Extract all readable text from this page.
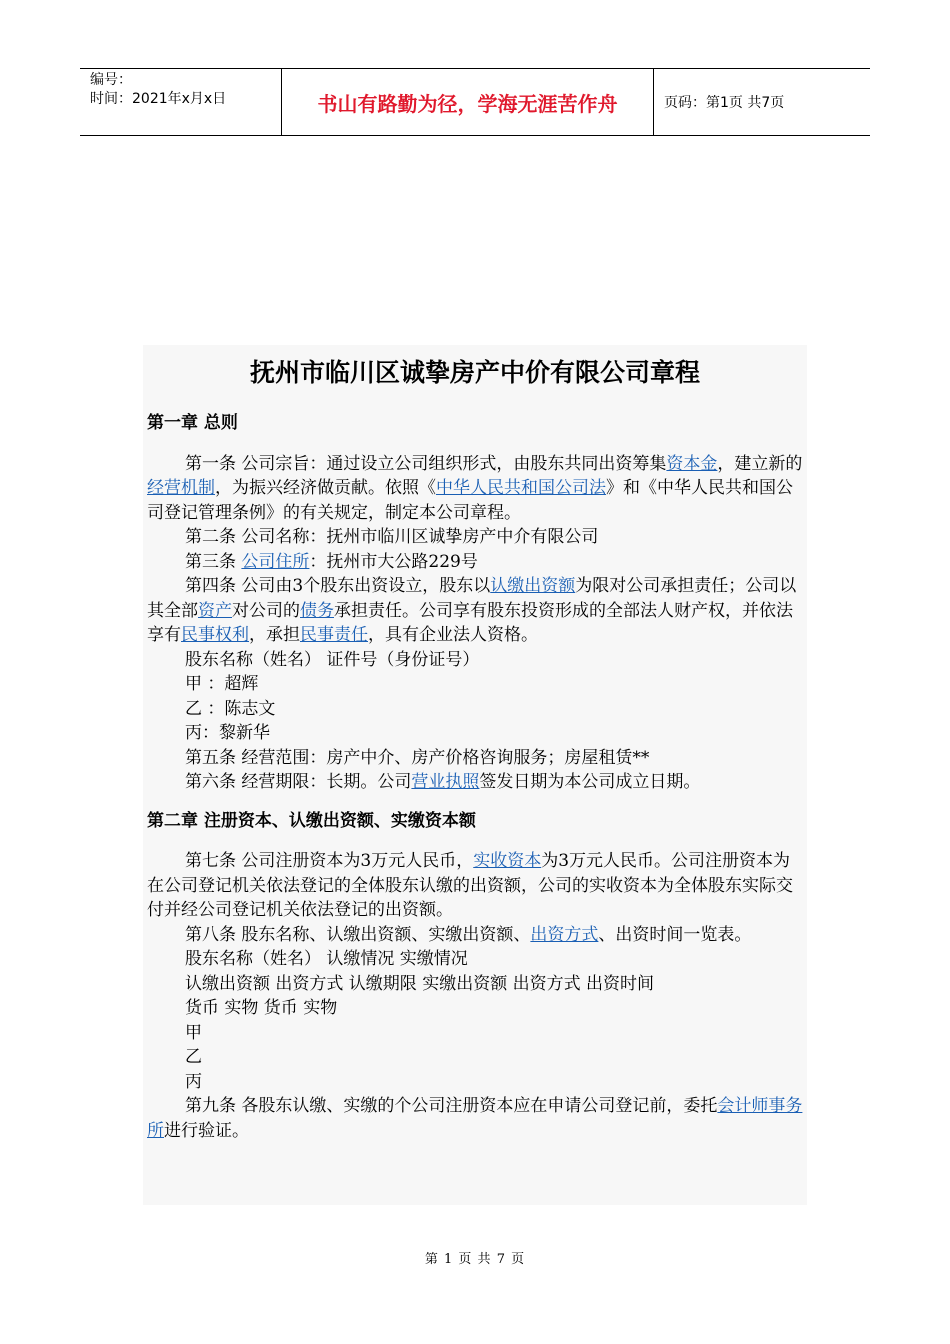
编号：
时间：2021年x月x日	书山有路勤为径，学海无涯苦作舟	页码：第1页 共7页
抚州市临川区诚挚房产中价有限公司章程

第一章 总则

第一条 公司宗旨：通过设立公司组织形式，由股东共同出资筹集资本金，建立新的经营机制，为振兴经济做贡献。依照《中华人民共和国公司法》和《中华人民共和国公司登记管理条例》的有关规定，制定本公司章程。

第二条 公司名称：抚州市临川区诚挚房产中介有限公司

第三条 公司住所：抚州市大公路229号

第四条 公司由3个股东出资设立，股东以认缴出资额为限对公司承担责任；公司以其全部资产对公司的债务承担责任。公司享有股东投资形成的全部法人财产权，并依法享有民事权利，承担民事责任，具有企业法人资格。

股东名称（姓名） 证件号（身份证号）

甲 ：超辉

乙 ：陈志文

丙：黎新华

第五条 经营范围：房产中介、房产价格咨询服务；房屋租赁**

第六条 经营期限：长期。公司营业执照签发日期为本公司成立日期。

第二章 注册资本、认缴出资额、实缴资本额

第七条 公司注册资本为3万元人民币，实收资本为3万元人民币。公司注册资本为在公司登记机关依法登记的全体股东认缴的出资额，公司的实收资本为全体股东实际交付并经公司登记机关依法登记的出资额。

第八条 股东名称、认缴出资额、实缴出资额、出资方式、出资时间一览表。

股东名称（姓名） 认缴情况 实缴情况

认缴出资额 出资方式 认缴期限 实缴出资额 出资方式 出资时间

货币 实物 货币 实物

甲

乙

丙

第九条 各股东认缴、实缴的个公司注册资本应在申请公司登记前，委托会计师事务所进行验证。

第 1 页 共 7 页
